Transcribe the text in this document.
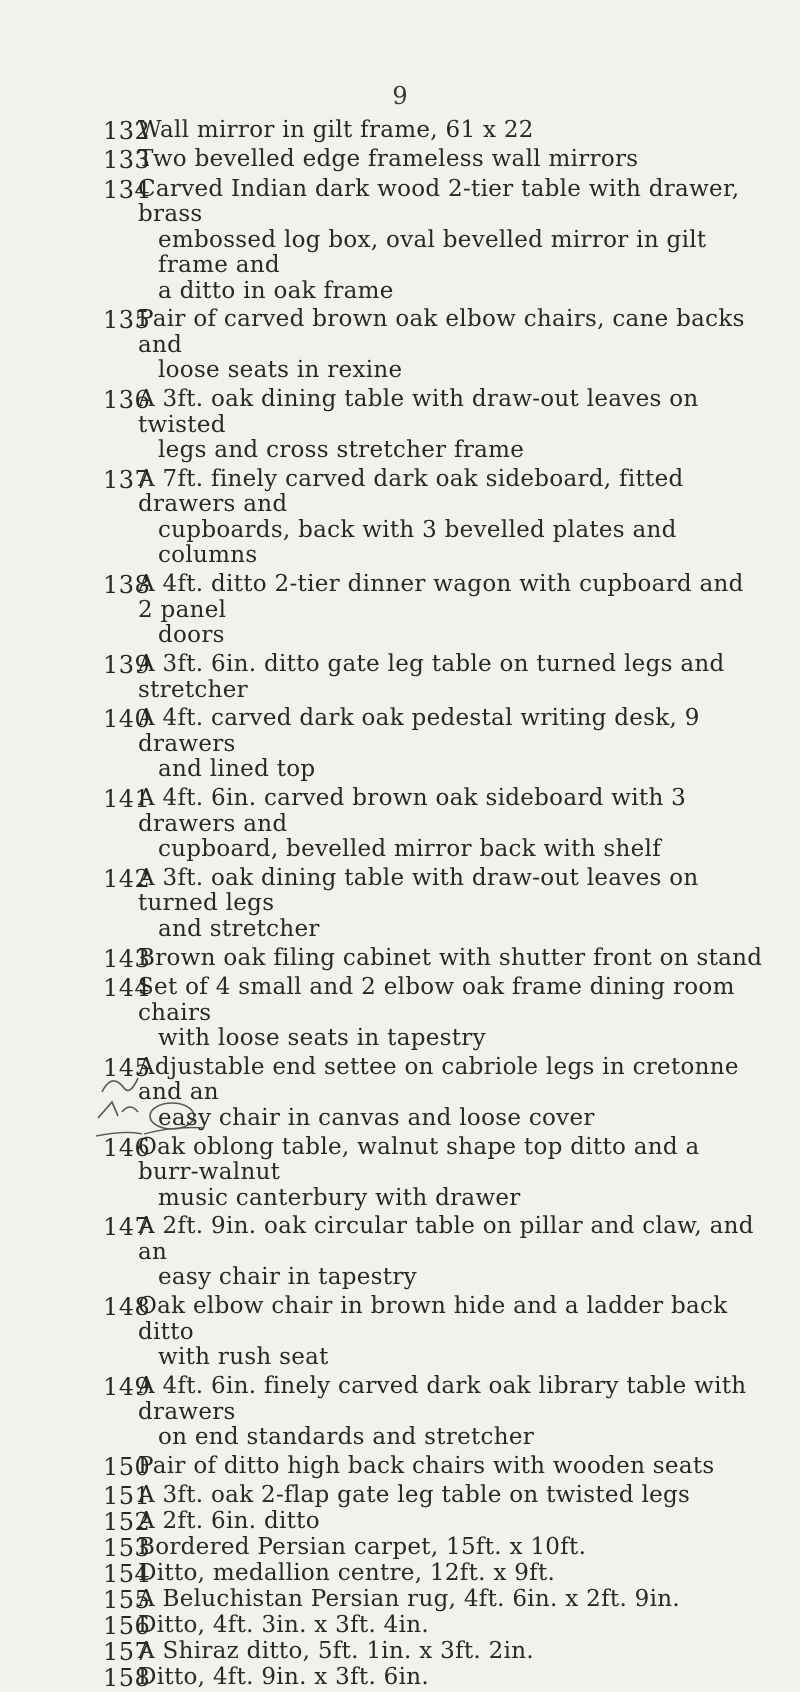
9
132
Wall mirror in gilt frame, 61 x 22
133
Two bevelled edge frameless wall mirrors
134
Carved Indian dark wood 2-tier table with drawer, brass
embossed log box, oval bevelled mirror in gilt frame and
a ditto in oak frame
135
Pair of carved brown oak elbow chairs, cane backs and
loose seats in rexine
136
A 3ft. oak dining table with draw-out leaves on twisted
legs and cross stretcher frame
137
A 7ft. finely carved dark oak sideboard, fitted drawers and
cupboards, back with 3 bevelled plates and columns
138
A 4ft. ditto 2-tier dinner wagon with cupboard and 2 panel
doors
139
A 3ft. 6in. ditto gate leg table on turned legs and stretcher
140
A 4ft. carved dark oak pedestal writing desk, 9 drawers
and lined top
141
A 4ft. 6in. carved brown oak sideboard with 3 drawers and
cupboard, bevelled mirror back with shelf
142
A 3ft. oak dining table with draw-out leaves on turned legs
and stretcher
143
Brown oak filing cabinet with shutter front on stand
144
Set of 4 small and 2 elbow oak frame dining room chairs
with loose seats in tapestry
145
Adjustable end settee on cabriole legs in cretonne and an
easy chair in canvas and loose cover
146
Oak oblong table, walnut shape top ditto and a burr-walnut
music canterbury with drawer
147
A 2ft. 9in. oak circular table on pillar and claw, and an
easy chair in tapestry
148
Oak elbow chair in brown hide and a ladder back ditto
with rush seat
149
A 4ft. 6in. finely carved dark oak library table with drawers
on end standards and stretcher
150
Pair of ditto high back chairs with wooden seats
151
A 3ft. oak 2-flap gate leg table on twisted legs
152
A 2ft. 6in. ditto
153
Bordered Persian carpet, 15ft. x 10ft.
154
Ditto, medallion centre, 12ft. x 9ft.
155
A Beluchistan Persian rug, 4ft. 6in. x 2ft. 9in.
156
Ditto, 4ft. 3in. x 3ft. 4in.
157
A Shiraz ditto, 5ft. 1in. x 3ft. 2in.
158
Ditto, 4ft. 9in. x 3ft. 6in.
